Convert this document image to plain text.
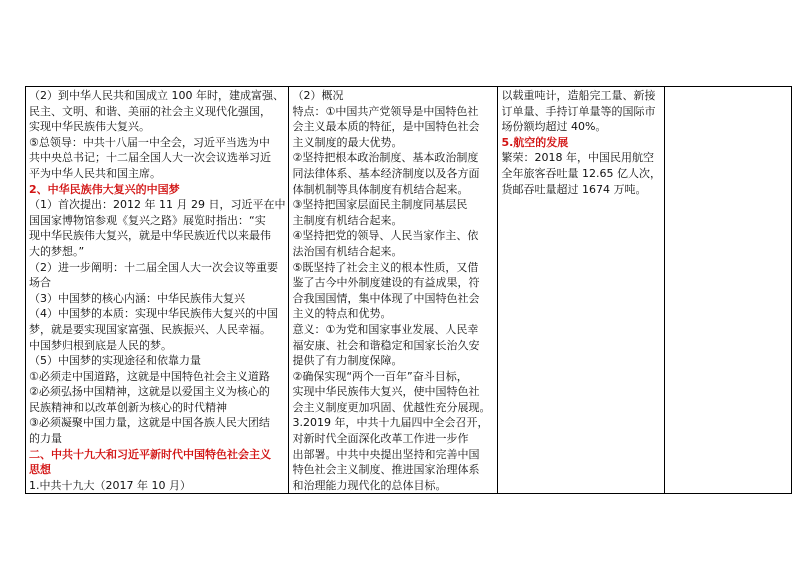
（2）到中华人民共和国成立 100 年时，建成富强、
民主、文明、和谐、美丽的社会主义现代化强国，
实现中华民族伟大复兴。
⑤总领导：中共十八届一中全会，习近平当选为中
共中央总书记；十二届全国人大一次会议选举习近
平为中华人民共和国主席。
2、中华民族伟大复兴的中国梦
（1）首次提出：2012 年 11 月 29 日，习近平在中
国国家博物馆参观《复兴之路》展览时指出：“实
现中华民族伟大复兴，就是中华民族近代以来最伟
大的梦想。”
（2）进一步阐明：十二届全国人大一次会议等重要
场合
（3）中国梦的核心内涵：中华民族伟大复兴
（4）中国梦的本质：实现中华民族伟大复兴的中国
梦，就是要实现国家富强、民族振兴、人民幸福。
中国梦归根到底是人民的梦。
（5）中国梦的实现途径和依靠力量
①必须走中国道路，这就是中国特色社会主义道路
②必须弘扬中国精神，这就是以爱国主义为核心的
民族精神和以改革创新为核心的时代精神
③必须凝聚中国力量，这就是中国各族人民大团结
的力量
二、中共十九大和习近平新时代中国特色社会主义
思想
1.中共十九大（2017 年 10 月）

（2）概况
特点：①中国共产党领导是中国特色社
会主义最本质的特征，是中国特色社会
主义制度的最大优势。
②坚持把根本政治制度、基本政治制度
同法律体系、基本经济制度以及各方面
体制机制等具体制度有机结合起来。
③坚持把国家层面民主制度同基层民
主制度有机结合起来。
④坚持把党的领导、人民当家作主、依
法治国有机结合起来。
⑤既坚持了社会主义的根本性质，又借
鉴了古今中外制度建设的有益成果，符
合我国国情，集中体现了中国特色社会
主义的特点和优势。
意义：①为党和国家事业发展、人民幸
福安康、社会和谐稳定和国家长治久安
提供了有力制度保障。
②确保实现“两个一百年”奋斗目标，
实现中华民族伟大复兴，使中国特色社
会主义制度更加巩固、优越性充分展现。
3.2019 年，中共十九届四中全会召开，
对新时代全面深化改革工作进一步作
出部署。中共中央提出坚持和完善中国
特色社会主义制度、推进国家治理体系
和治理能力现代化的总体目标。

以载重吨计，造船完工量、新接
订单量、手持订单量等的国际市
场份额均超过 40%。
5.航空的发展
繁荣：2018 年，中国民用航空
全年旅客吞吐量 12.65 亿人次，
货邮吞吐量超过 1674 万吨。
